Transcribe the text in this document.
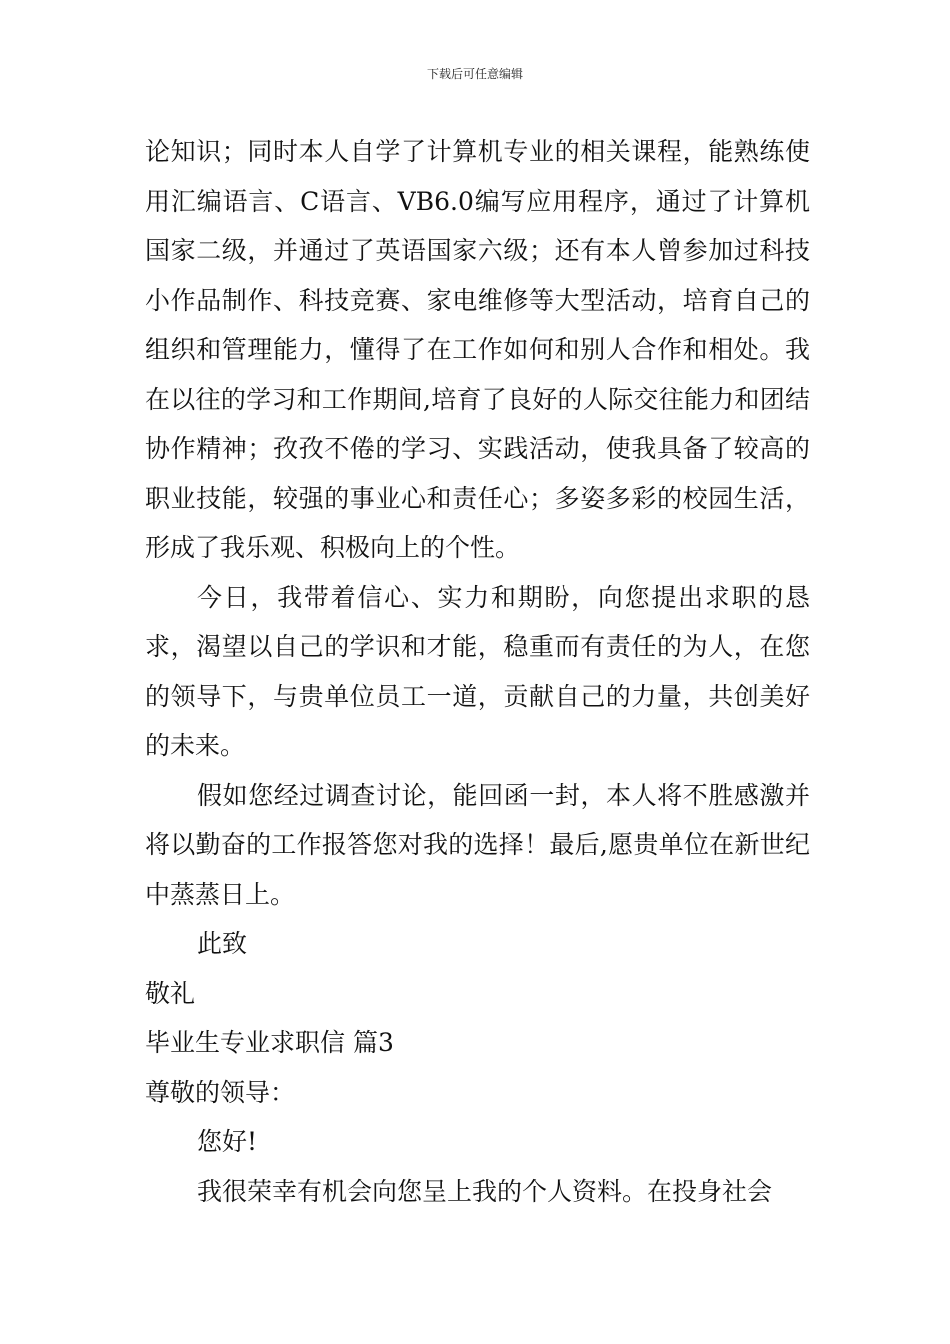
下载后可任意编辑

论知识；同时本人自学了计算机专业的相关课程，能熟练使用汇编语言、C语言、VB6.0编写应用程序，通过了计算机国家二级，并通过了英语国家六级；还有本人曾参加过科技小作品制作、科技竞赛、家电维修等大型活动，培育自己的组织和管理能力，懂得了在工作如何和别人合作和相处。我在以往的学习和工作期间,培育了良好的人际交往能力和团结协作精神；孜孜不倦的学习、实践活动，使我具备了较高的职业技能，较强的事业心和责任心；多姿多彩的校园生活，形成了我乐观、积极向上的个性。

今日，我带着信心、实力和期盼，向您提出求职的恳求，渴望以自己的学识和才能，稳重而有责任的为人，在您的领导下，与贵单位员工一道，贡献自己的力量，共创美好的未来。

假如您经过调查讨论，能回函一封，本人将不胜感激并将以勤奋的工作报答您对我的选择！最后,愿贵单位在新世纪中蒸蒸日上。

此致

敬礼

毕业生专业求职信 篇3

尊敬的领导：

您好!

我很荣幸有机会向您呈上我的个人资料。在投身社会
